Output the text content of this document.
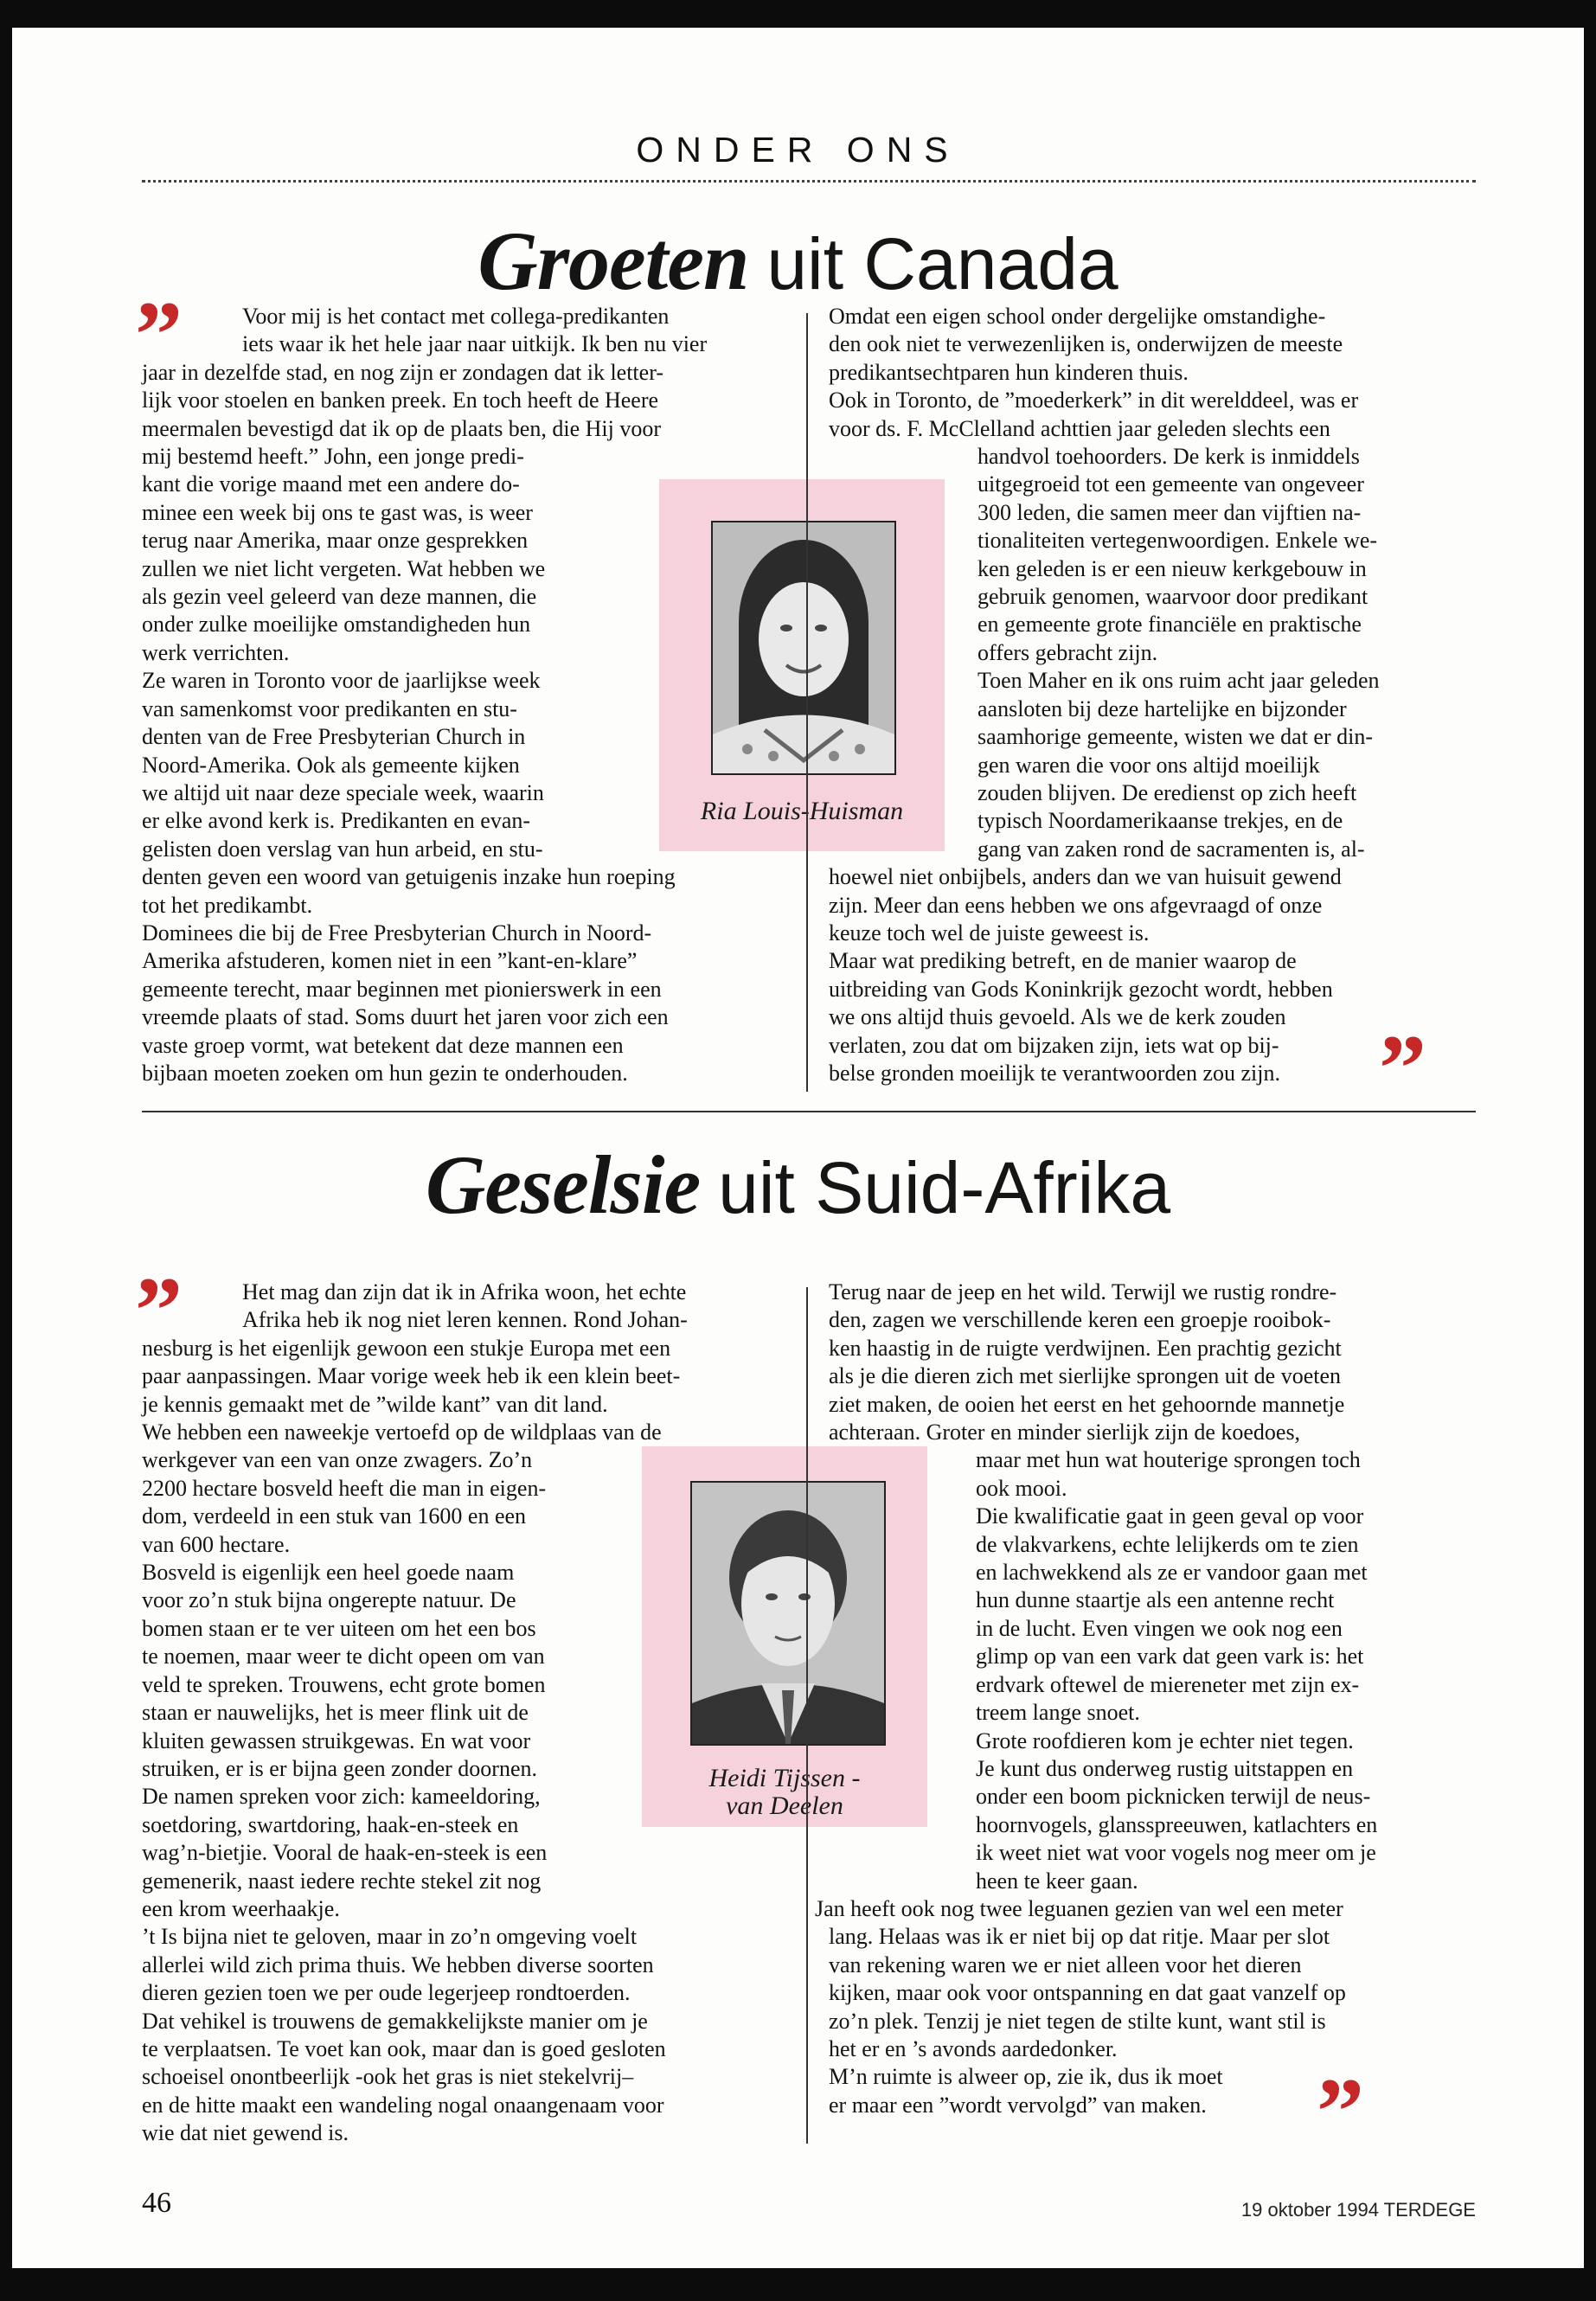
ONDER ONS
Groeten uit Canada
Ria Louis-Huisman
”	Voor mij is het contact met collega-predikanten

iets waar ik het hele jaar naar uitkijk. Ik ben nu vier

jaar in dezelfde stad, en nog zijn er zondagen dat ik letter-

lijk voor stoelen en banken preek. En toch heeft de Heere

meermalen bevestigd dat ik op de plaats ben, die Hij voor

mij bestemd heeft.” John, een jonge predi-

kant die vorige maand met een andere do-

minee een week bij ons te gast was, is weer

terug naar Amerika, maar onze gesprekken

zullen we niet licht vergeten. Wat hebben we

als gezin veel geleerd van deze mannen, die

onder zulke moeilijke omstandigheden hun

werk verrichten.

Ze waren in Toronto voor de jaarlijkse week

van samenkomst voor predikanten en stu-

denten van de Free Presbyterian Church in

Noord-Amerika. Ook als gemeente kijken

we altijd uit naar deze speciale week, waarin

er elke avond kerk is. Predikanten en evan-

gelisten doen verslag van hun arbeid, en stu-

denten geven een woord van getuigenis inzake hun roeping

tot het predikambt.

Dominees die bij de Free Presbyterian Church in Noord-

Amerika afstuderen, komen niet in een ”kant-en-klare”

gemeente terecht, maar beginnen met pionierswerk in een

vreemde plaats of stad. Soms duurt het jaren voor zich een

vaste groep vormt, wat betekent dat deze mannen een

bijbaan moeten zoeken om hun gezin te onderhouden.

Omdat een eigen school onder dergelijke omstandighe-

den ook niet te verwezenlijken is, onderwijzen de meeste

predikantsechtparen hun kinderen thuis.

Ook in Toronto, de ”moederkerk” in dit werelddeel, was er

voor ds. F. McClelland achttien jaar geleden slechts een

handvol toehoorders. De kerk is inmiddels

uitgegroeid tot een gemeente van ongeveer

300 leden, die samen meer dan vijftien na-

tionaliteiten vertegenwoordigen. Enkele we-

ken geleden is er een nieuw kerkgebouw in

gebruik genomen, waarvoor door predikant

en gemeente grote financiële en praktische

offers gebracht zijn.

Toen Maher en ik ons ruim acht jaar geleden

aansloten bij deze hartelijke en bijzonder

saamhorige gemeente, wisten we dat er din-

gen waren die voor ons altijd moeilijk

zouden blijven. De eredienst op zich heeft

typisch Noordamerikaanse trekjes, en de

gang van zaken rond de sacramenten is, al-

hoewel niet onbijbels, anders dan we van huisuit gewend

zijn. Meer dan eens hebben we ons afgevraagd of onze

keuze toch wel de juiste geweest is.

Maar wat prediking betreft, en de manier waarop de

uitbreiding van Gods Koninkrijk gezocht wordt, hebben

we ons altijd thuis gevoeld. Als we de kerk zouden

verlaten, zou dat om bijzaken zijn, iets wat op bij-

belse gronden moeilijk te verantwoorden zou zijn.	”
Geselsie uit Suid-Afrika
Heidi Tijssen -
van Deelen
”	Het mag dan zijn dat ik in Afrika woon, het echte

Afrika heb ik nog niet leren kennen. Rond Johan-

nesburg is het eigenlijk gewoon een stukje Europa met een

paar aanpassingen. Maar vorige week heb ik een klein beet-

je kennis gemaakt met de ”wilde kant” van dit land.

We hebben een naweekje vertoefd op de wildplaas van de

werkgever van een van onze zwagers. Zo’n

2200 hectare bosveld heeft die man in eigen-

dom, verdeeld in een stuk van 1600 en een

van 600 hectare.

Bosveld is eigenlijk een heel goede naam

voor zo’n stuk bijna ongerepte natuur. De

bomen staan er te ver uiteen om het een bos

te noemen, maar weer te dicht opeen om van

veld te spreken. Trouwens, echt grote bomen

staan er nauwelijks, het is meer flink uit de

kluiten gewassen struikgewas. En wat voor

struiken, er is er bijna geen zonder doornen.

De namen spreken voor zich: kameeldoring,

soetdoring, swartdoring, haak-en-steek en

wag’n-bietjie. Vooral de haak-en-steek is een

gemenerik, naast iedere rechte stekel zit nog

een krom weerhaakje.

’t Is bijna niet te geloven, maar in zo’n omgeving voelt

allerlei wild zich prima thuis. We hebben diverse soorten

dieren gezien toen we per oude legerjeep rondtoerden.

Dat vehikel is trouwens de gemakkelijkste manier om je

te verplaatsen. Te voet kan ook, maar dan is goed gesloten

schoeisel onontbeerlijk -ook het gras is niet stekelvrij–

en de hitte maakt een wandeling nogal onaangenaam voor

wie dat niet gewend is.

Terug naar de jeep en het wild. Terwijl we rustig rondre-

den, zagen we verschillende keren een groepje rooibok-

ken haastig in de ruigte verdwijnen. Een prachtig gezicht

als je die dieren zich met sierlijke sprongen uit de voeten

ziet maken, de ooien het eerst en het gehoornde mannetje

achteraan. Groter en minder sierlijk zijn de koedoes,

maar met hun wat houterige sprongen toch

ook mooi.

Die kwalificatie gaat in geen geval op voor

de vlakvarkens, echte lelijkerds om te zien

en lachwekkend als ze er vandoor gaan met

hun dunne staartje als een antenne recht

in de lucht. Even vingen we ook nog een

glimp op van een vark dat geen vark is: het

erdvark oftewel de miereneter met zijn ex-

treem lange snoet.

Grote roofdieren kom je echter niet tegen.

Je kunt dus onderweg rustig uitstappen en

onder een boom picknicken terwijl de neus-

hoornvogels, glansspreeuwen, katlachters en

ik weet niet wat voor vogels nog meer om je

heen te keer gaan.

Jan heeft ook nog twee leguanen gezien van wel een meter

lang. Helaas was ik er niet bij op dat ritje. Maar per slot

van rekening waren we er niet alleen voor het dieren

kijken, maar ook voor ontspanning en dat gaat vanzelf op

zo’n plek. Tenzij je niet tegen de stilte kunt, want stil is

het er en ’s avonds aardedonker.

M’n ruimte is alweer op, zie ik, dus ik moet

er maar een ”wordt vervolgd” van maken.	”
46	19 oktober 1994 TERDEGE
